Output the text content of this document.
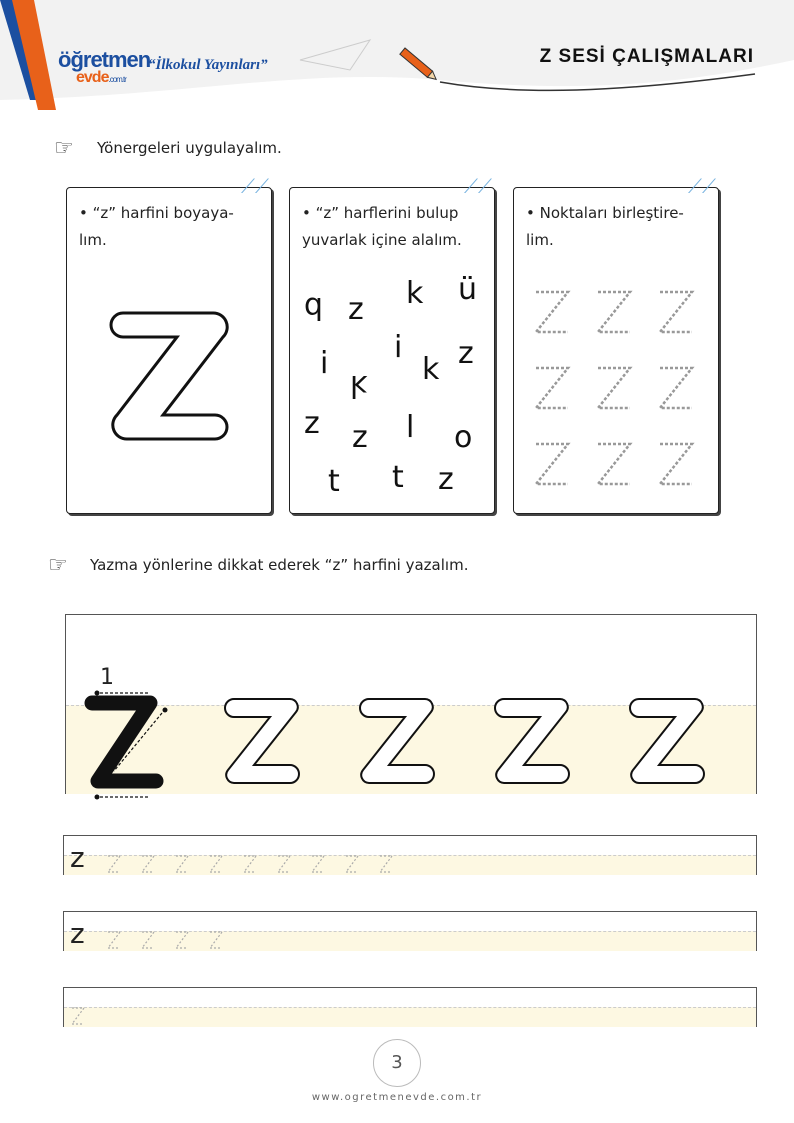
öğretmen
evde.com.tr
“İlkokul Yayınları”	Z SESİ ÇALIŞMALARI
☞ Yönergeleri uygulayalım.
⟋⟋
• “z” harfini boyaya-
lım.
⟋⟋
• “z” harflerini bulup
yuvarlak içine alalım.
b z k ü
i i z
k k
z z l o
t t z
⟋⟋
• Noktaları birleştire-
lim.
☞ Yazma yönlerine dikkat ederek “z” harfini yazalım.
1
z
z
3
www.ogretmenevde.com.tr
